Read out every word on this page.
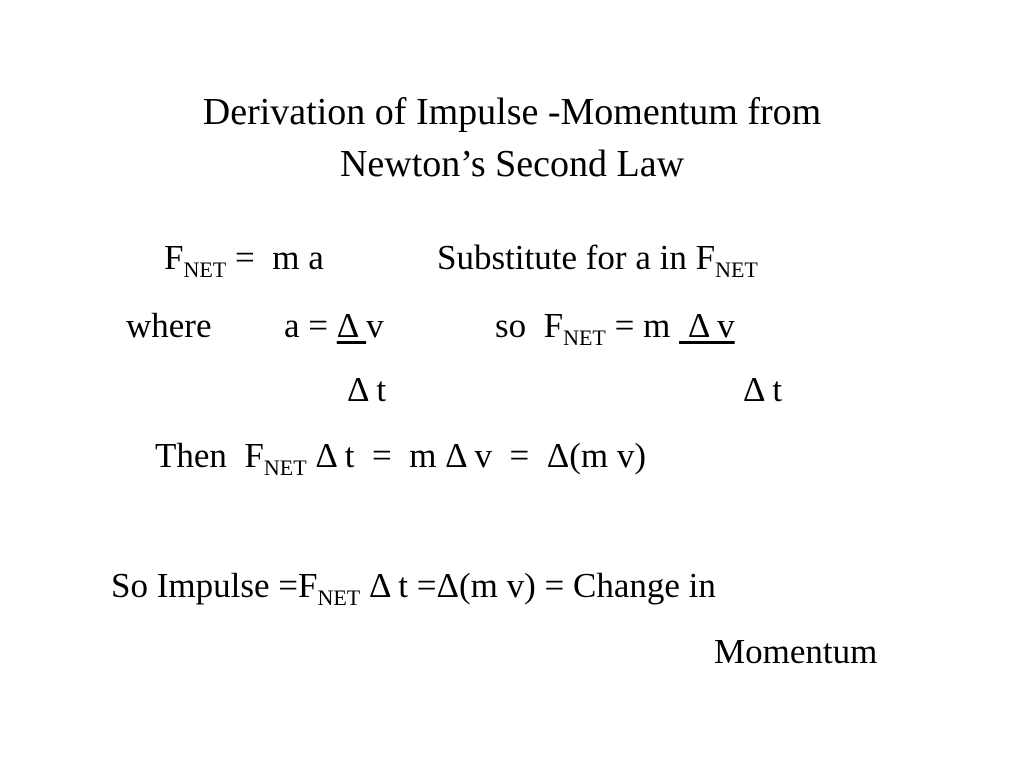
Derivation of Impulse -Momentum from
Newton’s Second Law
$F_{NET} = m$ a	Substitute for a in $F_{NET}$
where a = Δ v	so  $F_{NET} = m$  Δ v
Δ t	Δ t
Then  $F_{NET}$ Δ t  =  m Δ v  =  Δ(m v)
So Impulse $=F_{NET}$ Δ t =Δ(m v) = Change in
Momentum
